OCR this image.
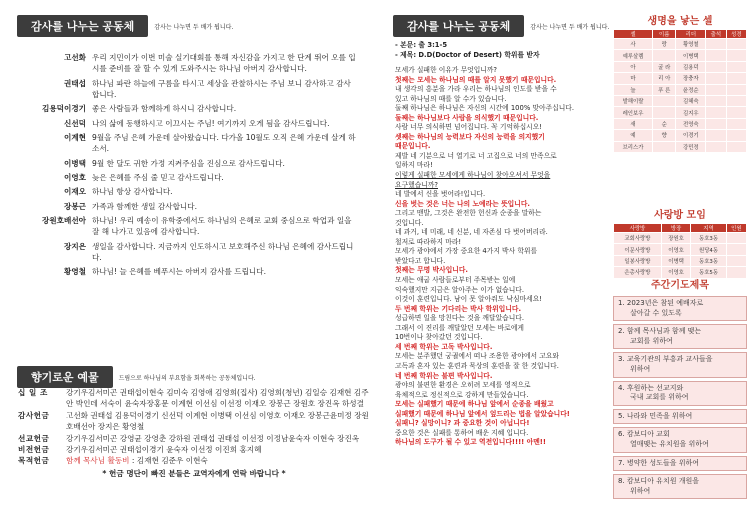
감사를 나누는 공동체	감사는 나누면 두 배가 됩니다.
고선화 우리 지민이가 이번 미술 실기대회를 통해 자신감을 가지고 한 단계 뛰어 오를 입시를 준비를 잘 할 수 있게 도와주시는 하나님 아버지 감사합니다.
권태섭 하나님 파란 하늘에 구름을 타시고 세상을 관찰하시는 주님 보니 감사하고 감사합니다.
김용덕이경기 좋은 사람들과 함께하게 하시니 감사합니다.
신선덕 나의 삶에 동행하시고 이끄시는 주님! 여기까지 오게 됨을 감사드립니다.
이계현 9월을 주님 은혜 가운데 살아왔습니다. 다가올 10월도 오직 은혜 가운데 살게 하소서.
이병택 9월 한 달도 귀한 가정 지켜주심을 진심으로 감사드립니다.
이영호 늦은 은혜를 주심 줄 믿고 감사드립니다.
이재오 하나님 항상 감사합니다.
장봉근 가족과 함께한 생일 감사합니다.
장원호배선아 하나님! 우리 예송이 유학중에서도 하나님의 은혜로 교회 중심으로 학업과 일을 잘 해 나가고 있음에 감사합니다.
장지은 생일을 감사합니다. 지금까지 인도하시고 보호해주신 하나님 은혜에 감사드립니다.
황영철 하나님! 늘 은혜를 베푸시는 아버지 감사를 드립니다.
향기로운 예물	드림으로 하나님의 부요함을 회복하는 공동체입니다.
십 일 조	강기우김서미곤 권태섭이현숙 김미숙 김영애 김영희(집사) 김영희(청년) 김일승 김재현 김주안 박인데 서숙이 윤숙자장홍문 이계현 이선심 이선정 이재오 장봉근 장원호 장진옥 하성결
감사헌금	고선화 권태섭 김용덕이경기 신선덕 이계현 이병택 이선심 이영호 이재오 장봉근윤미정 장원호배선아 장지은 황영철
선교헌금	강기우김서미곤 강영균 강영춘 강하원 권태섭 권태섭 이선정 이정남윤숙자 이현숙 장진옥
비전헌금	강기우김서미곤 권태섭이경기 윤숙자 이선정 이진희 홍지혜
목적헌금	함께 목사님 활동비 : 김재현 김준우 이현숙
* 헌금 명단이 빠진 분들은 교역자에게 연락 바랍니다 *
감사를 나누는 공동체	감사는 나누면 두 배가 됩니다.
- 본문: 출 3:1-5
- 제목: D.D(Doctor of Desert) 학위를 받자

모세가 실패한 이유가 무엇입니까?

첫째는 모세는 하나님의 때를 알지 못했기 때문입니다.

내 생각의 흥분을 가라 우리는 하나님의 인도를 받을 수

있고 하나님의 때를 알 수가 있습니다.

둘째 하나님은 하나님은 자신의 시간에 100% 맞아주십니다.

둘째는 하나님보다 사람을 의식했기 때문입니다.

사람 너무 의식하면 넘어집니다. 꼭 기억하십시오!

셋째는 하나님의 능력보다 자신의 능력을 의지했기

때문입니다.

제발 네 기분으로 너 열기로 너 고집으로 너의 만족으로

일하지 마라!

이렇게 실패한 모세에게 하나님이 찾아오셔서 무엇을

요구했습니까?

네 발에서 신을 벗어라!입니다.

신을 벗는 것은 너는 나의 노예라는 뜻입니다.

그리고 맨발, 그것은 완전한 헌신과 순종을 말하는

것입니다.

네 과거, 네 미래, 네 신분, 네 자존심 다 벗어버리라.

철저로 따라하지 마라!

모세가 광야에서 가장 중요한 4가지 박사 학위를

받았다고 합니다.

첫째는 무명 박사입니다.

모세는 애굽 사람들로부터 주목받는 일에

익숙했지만 지금은 알아주는 이가 없습니다.

이것이 훈련입니다. 남이 못 알아줘도 낙심마세요!

두 번째 학위는 기다리는 박사 학위입니다.

성급하면 일을 망친다는 것을 깨달았습니다.

그래서 이 진리를 깨달았던 모세는 바로에게

10번이나 찾아갔던 것입니다.

세 번째 학위는 고독 박사입니다.

모세는 분주했던 궁궐에서 떠나 조용한 광야에서 고요와

고독과 혼자 있는 훈련과 묵상의 훈련을 잘 한 것입니다.

네 번째 학위는 불편 박사입니다.

광야의 불편한 환경은 오히려 모세를 영적으로

육체적으로 정신적으로 강하게 만들었습니다.

모세는 실패했기 때문에 하나님 앞에서 순종을 배웠고

실패했기 때문에 하나님 앞에서 엎드리는 법을 알았습니다!

실패니? 실망이니? 과 중요한 것이 아닙니다!

중요한 것은 실패를 통하여 배운 지혜 입니다.

하나님의 도구가 될 수 있고 역전입니다!!!! 아멘!!

생명을 낳는 셀
셀	이름	리더	출석	성경
사	랑	황영철		
예루살렘		이병택		
아	굴 라	김용덕		
마	리 아	장충자		
늘	푸 른	윤정순		
발해이랄		김혜숙		
레인보우		김지우		
새	순	전영숙		
예	향	이경기		
브리스가		강민정		
사랑방 모임
사랑방	방장	지역	인원
교회사랑방	장원호	동호3동	
이문사랑방	이영호	원당4동	
일봉사랑방	이병택	동호3동	
은총사랑방	이영호	동호5동	
주간기도제목
1. 2023년은 참된 예배자로
살아갈 수 있도록
2. 함께 목사님과 함께 맺는
교회를 위하여
3. 교육기관의 부흥과 교사들을
위하여
4. 후원하는 선교지와
국내 교회를 위하여
5. 나라와 민족을 위하여
6. 캄보디아 교회
열매맺는 유치원을 위하여
7. 병약한 성도들을 위하여
8. 캄보디아 유치원 개원을
위하여
